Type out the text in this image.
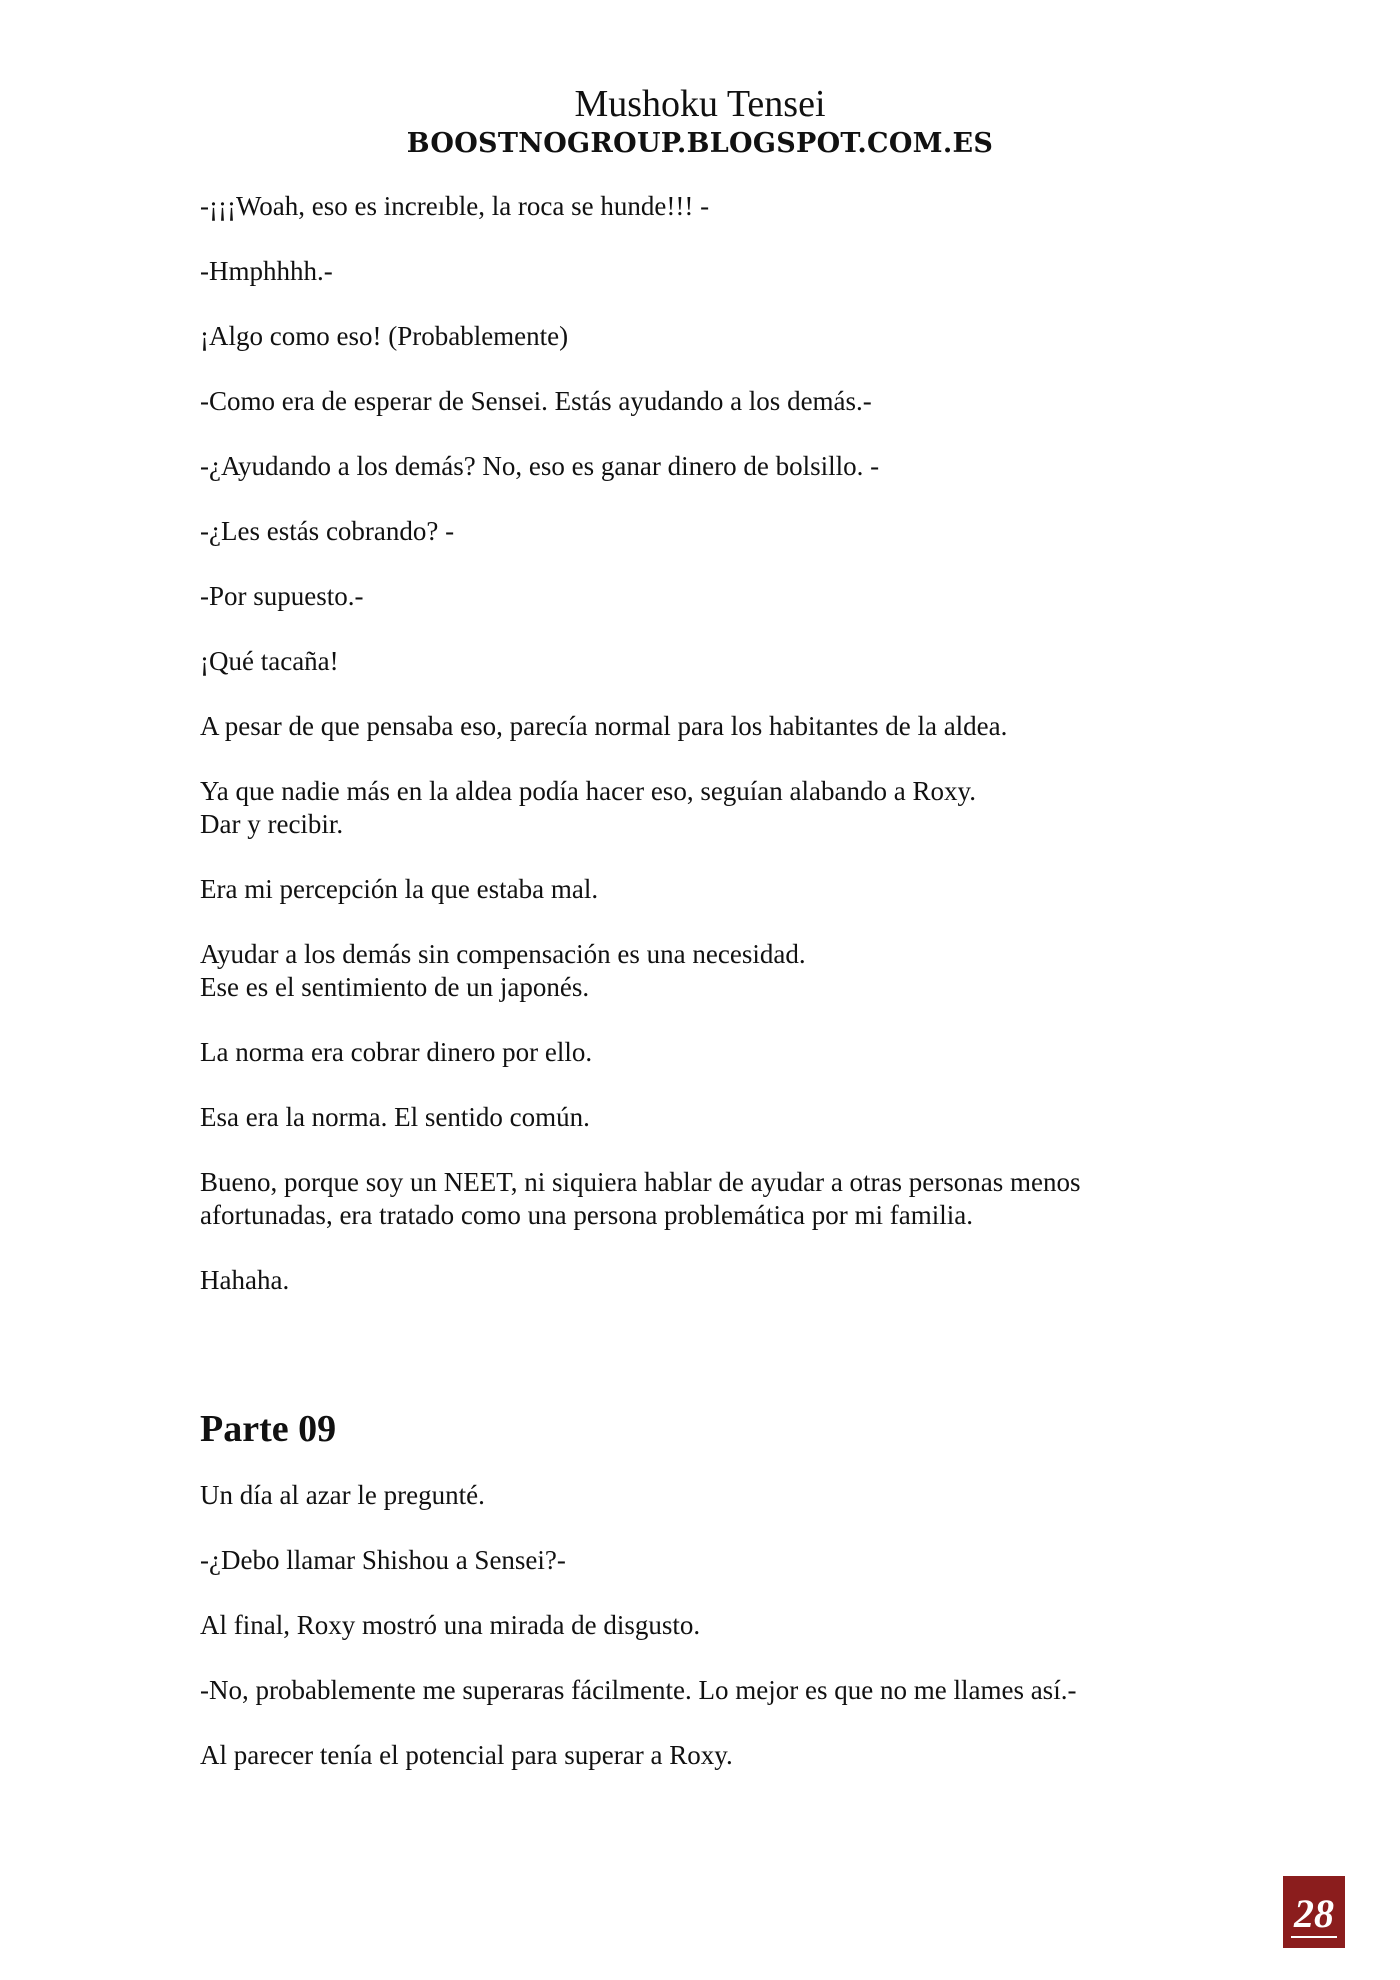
Mushoku Tensei
BOOSTNOGROUP.BLOGSPOT.COM.ES

-¡¡¡Woah, eso es increıble, la roca se hunde!!! -

-Hmphhhh.-

¡Algo como eso! (Probablemente)

-Como era de esperar de Sensei. Estás ayudando a los demás.-

-¿Ayudando a los demás? No, eso es ganar dinero de bolsillo. -

-¿Les estás cobrando? -

-Por supuesto.-

¡Qué tacaña!

A pesar de que pensaba eso, parecía normal para los habitantes de la aldea.

Ya que nadie más en la aldea podía hacer eso, seguían alabando a Roxy.
Dar y recibir.

Era mi percepción la que estaba mal.

Ayudar a los demás sin compensación es una necesidad.
Ese es el sentimiento de un japonés.

La norma era cobrar dinero por ello.

Esa era la norma. El sentido común.

Bueno, porque soy un NEET, ni siquiera hablar de ayudar a otras personas menos
afortunadas, era tratado como una persona problemática por mi familia.

Hahaha.

Parte 09

Un día al azar le pregunté.

-¿Debo llamar Shishou a Sensei?-

Al final, Roxy mostró una mirada de disgusto.

-No, probablemente me superaras fácilmente. Lo mejor es que no me llames así.-

Al parecer tenía el potencial para superar a Roxy.

28
